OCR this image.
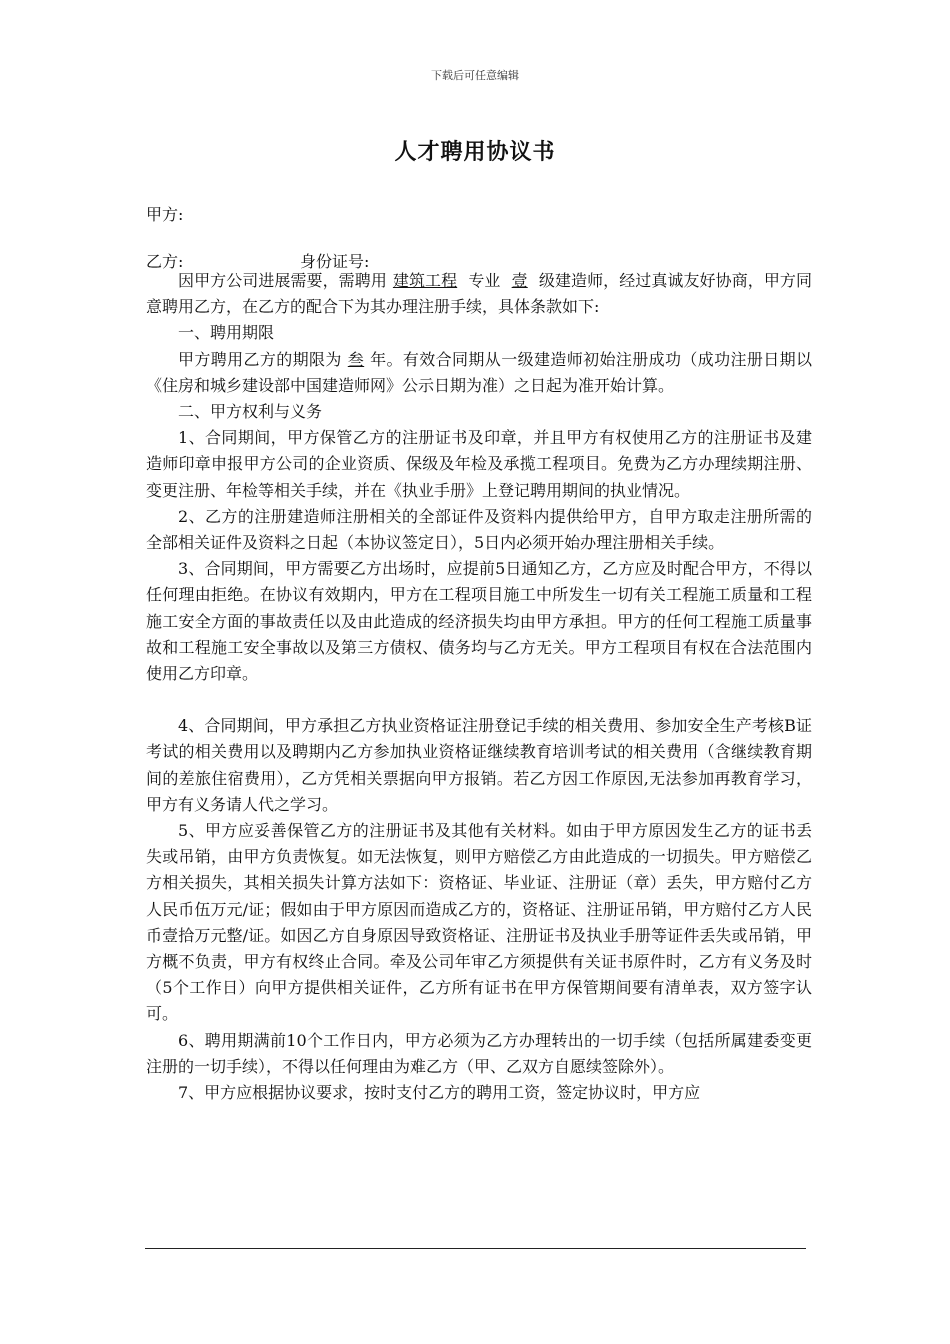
下载后可任意编辑
人才聘用协议书
甲方:
乙方:	身份证号:

因甲方公司进展需要，需聘用 建筑工程 专业 壹 级建造师，经过真诚友好协商，甲方同意聘用乙方，在乙方的配合下为其办理注册手续，具体条款如下:

一、聘用期限

甲方聘用乙方的期限为 叁 年。有效合同期从一级建造师初始注册成功（成功注册日期以《住房和城乡建设部中国建造师网》公示日期为准）之日起为准开始计算。

二、甲方权利与义务

1、合同期间，甲方保管乙方的注册证书及印章，并且甲方有权使用乙方的注册证书及建造师印章申报甲方公司的企业资质、保级及年检及承揽工程项目。免费为乙方办理续期注册、变更注册、年检等相关手续，并在《执业手册》上登记聘用期间的执业情况。

2、乙方的注册建造师注册相关的全部证件及资料内提供给甲方，自甲方取走注册所需的全部相关证件及资料之日起（本协议签定日），5日内必须开始办理注册相关手续。

3、合同期间，甲方需要乙方出场时，应提前5日通知乙方，乙方应及时配合甲方，不得以任何理由拒绝。在协议有效期内，甲方在工程项目施工中所发生一切有关工程施工质量和工程施工安全方面的事故责任以及由此造成的经济损失均由甲方承担。甲方的任何工程施工质量事故和工程施工安全事故以及第三方债权、债务均与乙方无关。甲方工程项目有权在合法范围内使用乙方印章。

4、合同期间，甲方承担乙方执业资格证注册登记手续的相关费用、参加安全生产考核B证考试的相关费用以及聘期内乙方参加执业资格证继续教育培训考试的相关费用（含继续教育期间的差旅住宿费用），乙方凭相关票据向甲方报销。若乙方因工作原因,无法参加再教育学习，甲方有义务请人代之学习。

5、甲方应妥善保管乙方的注册证书及其他有关材料。如由于甲方原因发生乙方的证书丢失或吊销，由甲方负责恢复。如无法恢复，则甲方赔偿乙方由此造成的一切损失。甲方赔偿乙方相关损失，其相关损失计算方法如下：资格证、毕业证、注册证（章）丢失，甲方赔付乙方人民币伍万元/证；假如由于甲方原因而造成乙方的，资格证、注册证吊销，甲方赔付乙方人民币壹拾万元整/证。如因乙方自身原因导致资格证、注册证书及执业手册等证件丢失或吊销，甲方概不负责，甲方有权终止合同。牵及公司年审乙方须提供有关证书原件时，乙方有义务及时（5个工作日）向甲方提供相关证件，乙方所有证书在甲方保管期间要有清单表，双方签字认可。

6、聘用期满前10个工作日内，甲方必须为乙方办理转出的一切手续（包括所属建委变更注册的一切手续），不得以任何理由为难乙方（甲、乙双方自愿续签除外）。

7、甲方应根据协议要求，按时支付乙方的聘用工资，签定协议时，甲方应
